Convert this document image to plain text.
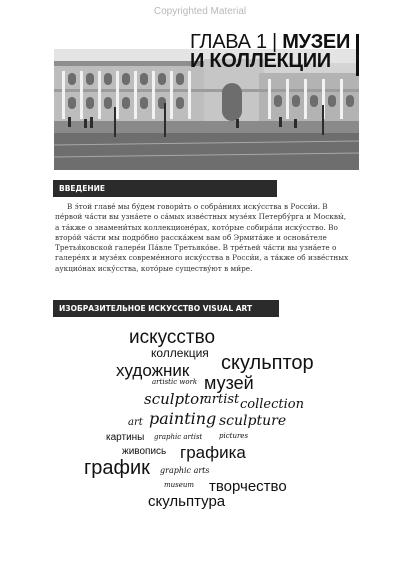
Copyrighted Material
ГЛАВА 1 | МУЗЕИ
И КОЛЛЕКЦИИ
ВВЕДЕНИЕ

В э́той главе́ мы бу́дем говори́ть о собра́ниях иску́сства в Росси́и. В пе́рвой ча́сти вы узна́ете о са́мых изве́стных музе́ях Петербу́рга и Москвы́, а та́кже о знамени́тых коллекционе́рах, кото́рые собира́ли иску́сство. Во второ́й ча́сти мы подро́бно расска́жем вам об Эрмита́же и основа́теле Третья́ковской галере́и Па́вле Третьяко́ве. В тре́тьей ча́сти вы узна́ете о галере́ях и музе́ях совреме́нного иску́сства в Росси́и, а та́кже об изве́стных аукцио́нах иску́сства, кото́рые существу́ют в ми́ре.

ИЗОБРАЗИТЕЛЬНОЕ ИСКУССТВО VISUAL ART
искусство
коллекция скульптор
художник
artistic work музей
sculptor
artist collection
art painting sculpture
картины graphic artist pictures
графика
живопись
график graphic arts
museum творчество
скульптура
